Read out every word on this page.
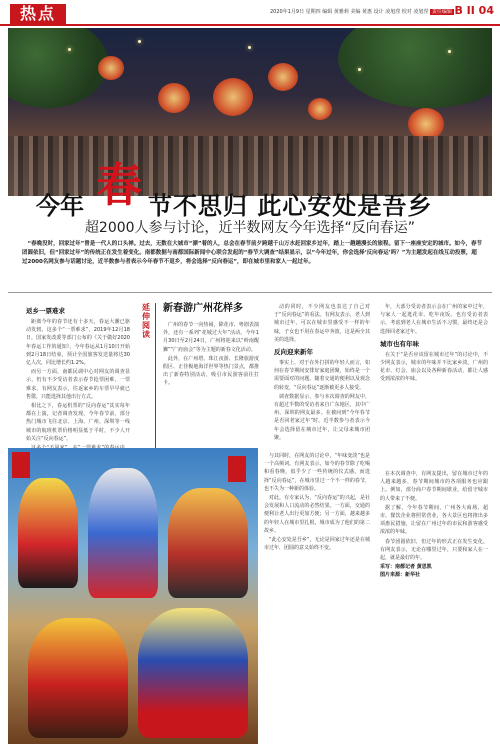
热点	2020年1月9日 星期四 编辑 黄雅莉 美编 黄惠 设计 凌旭滢 校对 凌旭滢 责任编辑 B II 04
今年 春 节不思归 此心安处是吾乡
超2000人参与讨论，近半数网友今年选择“反向春运”
“春晚没时，回家过年”曾是一代人的口头禅。过去，无数在大城市“漂”着的人，总会在春节前夕跨越千山万水赶回家乡过年，踏上一趟趟漫长的旅程。留下一座座安定的城市。如今，春节团圆依旧，但“回家过年”的传统正在发生着变化。南都数据与南都国际新闻中心联合发起的“春节大调查”结果显示，以“今年过年，你会选择‘反向春运’吗？”为主题发起在线互动投票，超过2000名网友参与话题讨论，近半数参与者表示今年春节不返乡，将会选择“反向春运”，即在城市里和家人一起过年。
返乡一票难求

距离今年的春节还有十多天，春运大潮已驱动发轫。这多个“一票难求”，2019年12月18日，国家发改委等部门公布的《关于做好2020年春运工作的通知》，今年春运从1月10日开始到2月18日结束，预计全国旅客发送量将达30亿人次，同比增长约1.2%。

而另一方面，南都民调中心对网友的调查显示，仍有不少受访者表示春节抢票困难，一票难求。有网友表示，往返家乡的车票早早就已售罄，只能选择其他出行方式。

相比之下，春运机票的“反向春运”其实每年都在上演，记者调查发现，今年春节前，部分热门城市飞往北京、上海、广州、深圳等一线城市的航班机票价格明显低于平时，不少人开始关注“反向春运”。

延
伸
阅
读
新春游广州花样多

广州的春节一向热闹，除花市、粤剧表演外，还有一系列“花城过大年”活动。今年1月30日至2月24日，广州将迎来以“岭南醒狮”“广府庙会”等为主题的新春文化活动。

此外，在广州塔、珠江夜游、长隆旅游度假区、正佳极地海洋世界等热门景点，都推出了新春特别活动，吸引市民游客前往打卡。

动的同时，不少网友也表达了自己对于“反向春运”的看法。有网友表示，老人到城市过年，可以在城市里感受不一样的年味，子女也不用在春运中奔波，这是两全其美的选择。

反向迎来新年

事实上，对于在外打拼的年轻人而言，如何在春节期间安排好家庭团聚，始终是一个需要面对的问题。随着交通的便利以及观念的转变，“反向春运”逐渐被更多人接受。

调查数据显示，参与本次调查的网友中，有超过半数的受访者来自广东地区，其中广州、深圳的网友最多。在被问到“今年春节是否回老家过年”时，近半数参与者表示今年会选择留在城市过年，让父母来城市团聚。

年，大部分受访者表示会在广州的家中过年，与家人一起逛花市、吃年夜饭。也有受访者表示，考虑到老人在城市生活不习惯，最终还是会选择回老家过年。

城市也有年味

在关于“是否应该留在城市过年”的讨论中，不少网友表示，城市的年味并不比家乡淡。广州的花市、灯会、庙会以及各种新春活动，都让人感受到浓浓的年味。

与其同时，在网友的讨论中，“年味变淡”也是一个高频词。有网友表示，如今的春节除了吃喝和看春晚，似乎少了一些传统的仪式感。而选择“反向春运”，在城市里过一个不一样的春节，也不失为一种新的体验。

对此，有专家认为，“反向春运”的兴起，是社会发展和人口流动的必然结果。一方面，交通的便利让老人出行更加方便；另一方面，越来越多的年轻人在城市里扎根，城市成为了他们的第二故乡。

“此心安处是吾乡”，无论是回家过年还是在城市过年，团圆的意义始终不变。

在本次调查中，有网友提出，留在城市过年的人越来越多，春节期间城市的各项服务也应跟上。例如，部分商户春节期间歇业，给留守城市的人带来了不便。

据了解，今年春节期间，广州各大商场、超市、餐饮企业将照常营业，各大景区也将推出多项惠民措施，让留在广州过年的市民和游客感受浓浓的年味。

春节团圆依旧，但过年的形式正在发生变化。有网友表示，无论在哪里过年，只要和家人在一起，就是最好的年。

采写：南都记者 黄思凯
图片来源：新华社
